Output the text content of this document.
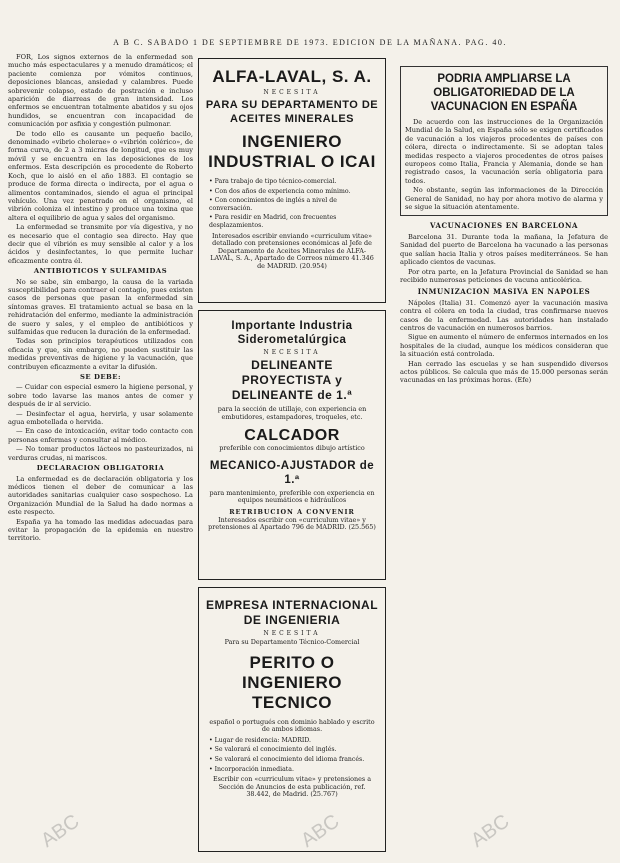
A B C. SABADO 1 DE SEPTIEMBRE DE 1973. EDICION DE LA MAÑANA. PAG. 40.

FOR, Los signos externos de la enfermedad son mucho más espectaculares y a menudo dramáticos; el paciente comienza por vómitos continuos, deposiciones blancas, ansiedad y calambres. Puede sobrevenir colapso, estado de postración e incluso aparición de diarreas de gran intensidad. Los enfermos se encuentran totalmente abatidos y su ojos hundidos, se encuentran con incapacidad de comunicación por asfixia y congestión pulmonar.

De todo ello es causante un pequeño bacilo, denominado «vibrio cholerae» o «vibrión colérico», de forma curva, de 2 a 3 micras de longitud, que es muy móvil y se encuentra en las deposiciones de los enfermos. Esta descripción es procedente de Roberto Koch, que lo aisló en el año 1883. El contagio se produce de forma directa o indirecta, por el agua o alimentos contaminados, siendo el agua el principal vehículo. Una vez penetrado en el organismo, el vibrión coloniza el intestino y produce una toxina que altera el equilibrio de agua y sales del organismo.

La enfermedad se transmite por vía digestiva, y no es necesario que el contagio sea directo. Hay que decir que el vibrión es muy sensible al calor y a los ácidos y desinfectantes, lo que permite luchar eficazmente contra él.

ANTIBIOTICOS Y SULFAMIDAS

No se sabe, sin embargo, la causa de la variada susceptibilidad para contraer el contagio, pues existen casos de personas que pasan la enfermedad sin síntomas graves. El tratamiento actual se basa en la rehidratación del enfermo, mediante la administración de suero y sales, y el empleo de antibióticos y sulfamidas que reducen la duración de la enfermedad.

Todas son principios terapéuticos utilizados con eficacia y que, sin embargo, no pueden sustituir las medidas preventivas de higiene y la vacunación, que contribuyen eficazmente a evitar la difusión.

SE DEBE:

— Cuidar con especial esmero la higiene personal, y sobre todo lavarse las manos antes de comer y después de ir al servicio.

— Desinfectar el agua, hervirla, y usar solamente agua embotellada o hervida.

— En caso de intoxicación, evitar todo contacto con personas enfermas y consultar al médico.

— No tomar productos lácteos no pasteurizados, ni verduras crudas, ni mariscos.

DECLARACION OBLIGATORIA

La enfermedad es de declaración obligatoria y los médicos tienen el deber de comunicar a las autoridades sanitarias cualquier caso sospechoso. La Organización Mundial de la Salud ha dado normas a este respecto.

España ya ha tomado las medidas adecuadas para evitar la propagación de la epidemia en nuestro territorio.

ALFA-LAVAL, S. A.
NECESITA
PARA SU DEPARTAMENTO DE ACEITES MINERALES
INGENIERO INDUSTRIAL O ICAI
• Para trabajo de tipo técnico-comercial.
• Con dos años de experiencia como mínimo.
• Con conocimientos de inglés a nivel de conversación.
• Para residir en Madrid, con frecuentes desplazamientos.
Interesados escribir enviando «curriculum vitae» detallado con pretensiones económicas al Jefe de Departamento de Aceites Minerales de ALFA-LAVAL, S. A., Apartado de Correos número 41.346 de MADRID. (20.954)
Importante Industria Siderometalúrgica
NECESITA
DELINEANTE PROYECTISTA y DELINEANTE de 1.ª
para la sección de utillaje, con experiencia en embutidores, estampadores, troqueles, etc.
CALCADOR
preferible con conocimientos dibujo artístico
MECANICO-AJUSTADOR de 1.ª
para mantenimiento, preferible con experiencia en equipos neumáticos e hidráulicos
RETRIBUCION A CONVENIR
Interesados escribir con «curriculum vitae» y pretensiones al Apartado 796 de MADRID. (25.565)
EMPRESA INTERNACIONAL DE INGENIERIA
NECESITA
Para su Departamento Técnico-Comercial
PERITO O INGENIERO TECNICO
español o portugués con dominio hablado y escrito de ambos idiomas.
• Lugar de residencia: MADRID.
• Se valorará el conocimiento del inglés.
• Se valorará el conocimiento del idioma francés.
• Incorporación inmediata.
Escribir con «curriculum vitae» y pretensiones a Sección de Anuncios de esta publicación, ref. 38.442, de Madrid. (25.767)
PODRIA AMPLIARSE LA OBLIGATORIEDAD DE LA VACUNACION EN ESPAÑA

De acuerdo con las instrucciones de la Organización Mundial de la Salud, en España sólo se exigen certificados de vacunación a los viajeros procedentes de países con cólera, directa o indirectamente. Si se adoptan tales medidas respecto a viajeros procedentes de otros países europeos como Italia, Francia y Alemania, donde se han registrado casos, la vacunación sería obligatoria para todos.

No obstante, según las informaciones de la Dirección General de Sanidad, no hay por ahora motivo de alarma y se sigue la situación atentamente.

VACUNACIONES EN BARCELONA

Barcelona 31. Durante toda la mañana, la Jefatura de Sanidad del puerto de Barcelona ha vacunado a las personas que salían hacia Italia y otros países mediterráneos. Se han aplicado cientos de vacunas.

Por otra parte, en la Jefatura Provincial de Sanidad se han recibido numerosas peticiones de vacuna anticolérica.

INMUNIZACION MASIVA EN NAPOLES

Nápoles (Italia) 31. Comenzó ayer la vacunación masiva contra el cólera en toda la ciudad, tras confirmarse nuevos casos de la enfermedad. Las autoridades han instalado centros de vacunación en numerosos barrios.

Sigue en aumento el número de enfermos internados en los hospitales de la ciudad, aunque los médicos consideran que la situación está controlada.

Han cerrado las escuelas y se han suspendido diversos actos públicos. Se calcula que más de 15.000 personas serán vacunadas en las próximas horas. (Efe)

ABC	ABC	ABC
